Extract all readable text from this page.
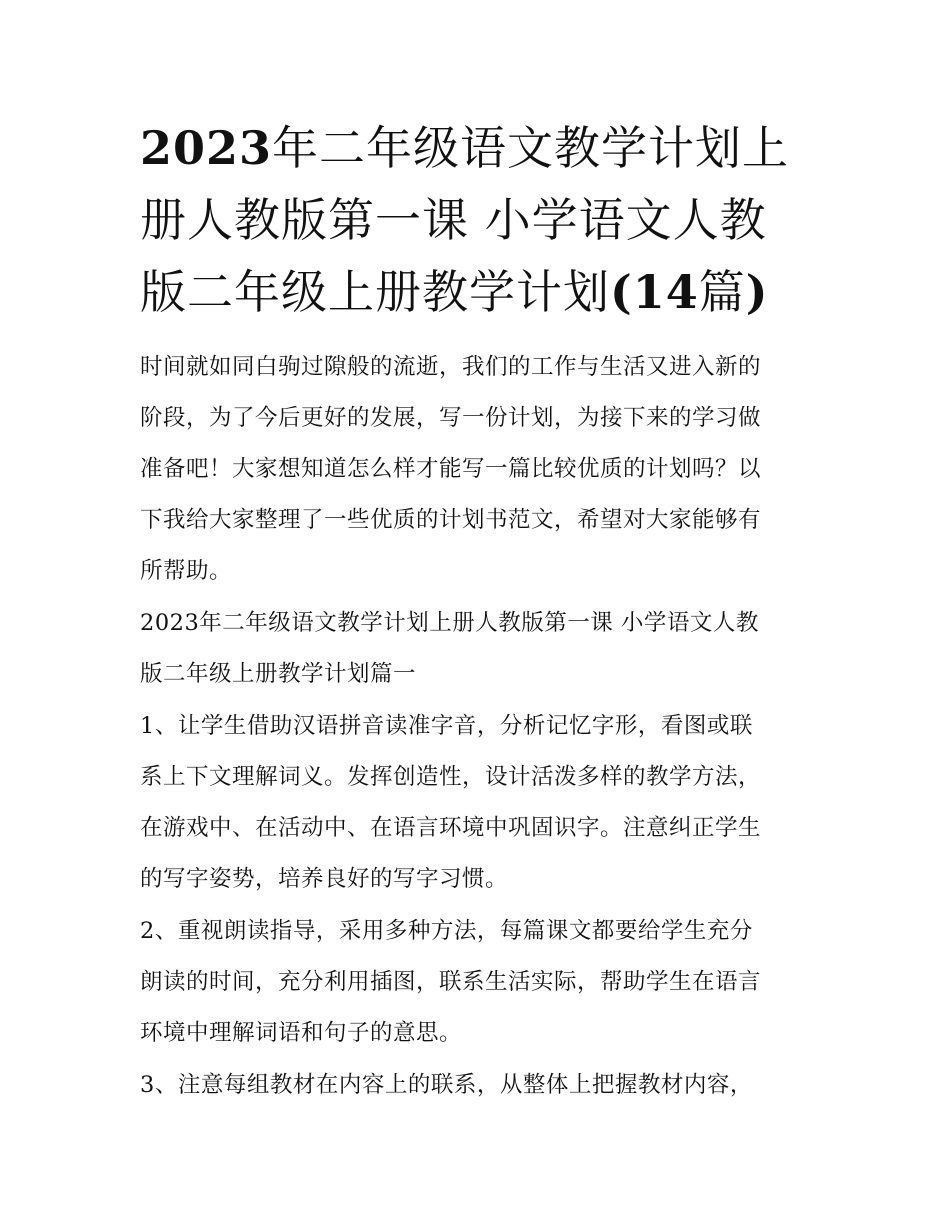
2023年二年级语文教学计划上
册人教版第一课 小学语文人教
版二年级上册教学计划(14篇)

时间就如同白驹过隙般的流逝，我们的工作与生活又进入新的
阶段，为了今后更好的发展，写一份计划，为接下来的学习做
准备吧！大家想知道怎么样才能写一篇比较优质的计划吗？以
下我给大家整理了一些优质的计划书范文，希望对大家能够有
所帮助。

2023年二年级语文教学计划上册人教版第一课 小学语文人教
版二年级上册教学计划篇一

1、让学生借助汉语拼音读准字音，分析记忆字形，看图或联
系上下文理解词义。发挥创造性，设计活泼多样的教学方法，
在游戏中、在活动中、在语言环境中巩固识字。注意纠正学生
的写字姿势，培养良好的写字习惯。

2、重视朗读指导，采用多种方法，每篇课文都要给学生充分
朗读的时间，充分利用插图，联系生活实际，帮助学生在语言
环境中理解词语和句子的意思。

3、注意每组教材在内容上的联系，从整体上把握教材内容，
